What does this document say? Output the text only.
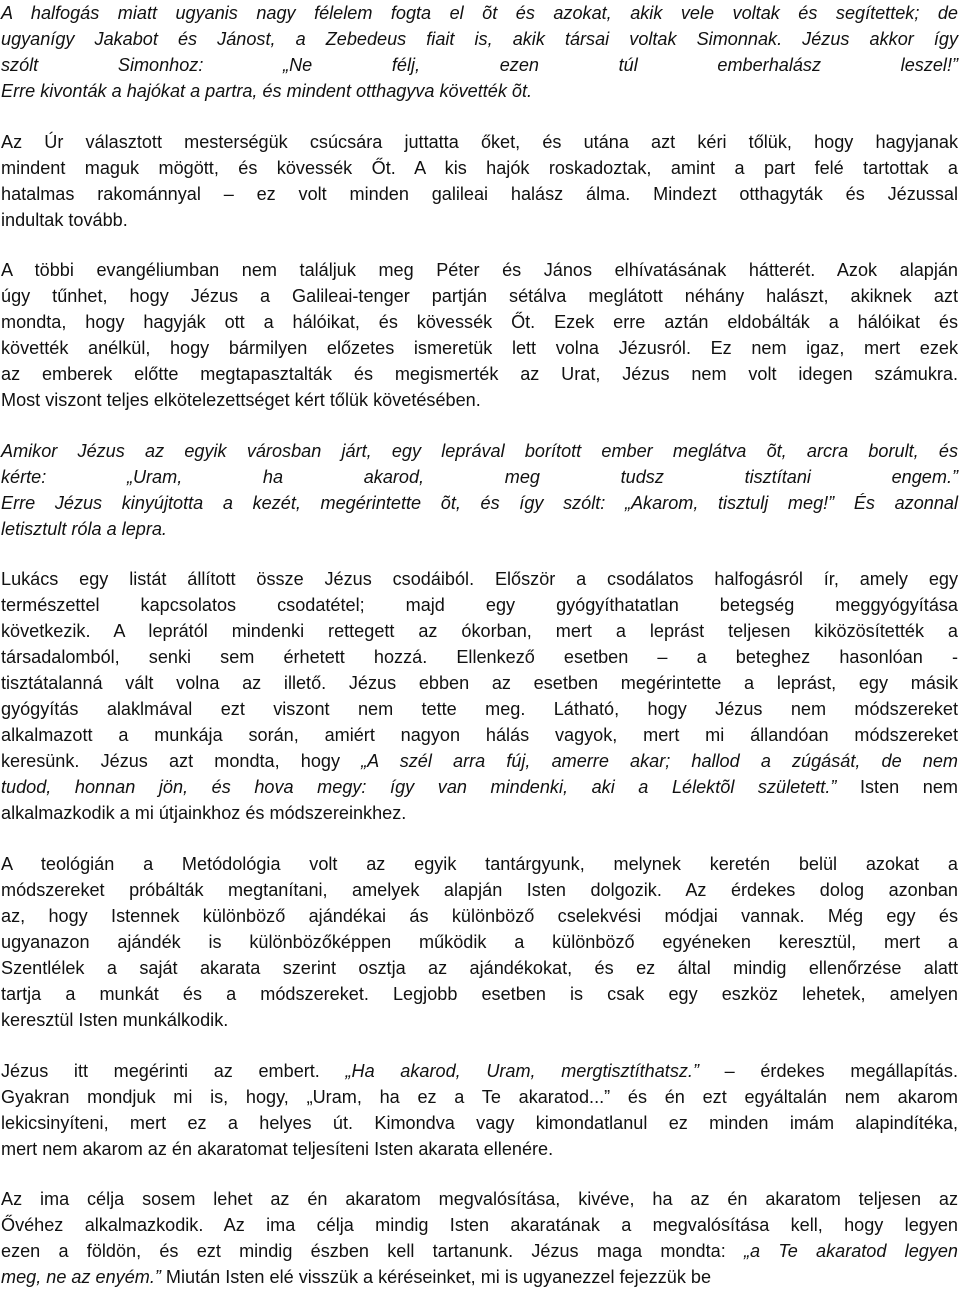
A halfogás miatt ugyanis nagy félelem fogta el õt és azokat, akik vele voltak és segítettek; de
ugyanígy Jakabot és Jánost, a Zebedeus fiait is, akik társai voltak Simonnak. Jézus akkor így
szólt Simonhoz: „Ne félj, ezen túl emberhalász leszel!”
Erre kivonták a hajókat a partra, és mindent otthagyva követték õt.
Az Úr választott mesterségük csúcsára juttatta őket, és utána azt kéri tőlük, hogy hagyjanak
mindent maguk mögött, és kövessék Őt. A kis hajók roskadoztak, amint a part felé tartottak a
hatalmas rakománnyal – ez volt minden galileai halász álma. Mindezt otthagyták és Jézussal
indultak tovább.
A többi evangéliumban nem találjuk meg Péter és János elhívatásának hátterét. Azok alapján
úgy tűnhet, hogy Jézus a Galileai-tenger partján sétálva meglátott néhány halászt, akiknek azt
mondta, hogy hagyják ott a hálóikat, és kövessék Őt. Ezek erre aztán eldobálták a hálóikat és
követték anélkül, hogy bármilyen előzetes ismeretük lett volna Jézusról. Ez nem igaz, mert ezek
az emberek előtte megtapasztalták és megismerték az Urat, Jézus nem volt idegen számukra.
Most viszont teljes elkötelezettséget kért tőlük követésében.
Amikor Jézus az egyik városban járt, egy leprával borított ember meglátva õt, arcra borult, és
kérte: „Uram, ha akarod, meg tudsz tisztítani engem.”
Erre Jézus kinyújtotta a kezét, megérintette õt, és így szólt: „Akarom, tisztulj meg!” És azonnal
letisztult róla a lepra.
Lukács egy listát állított össze Jézus csodáiból. Először a csodálatos halfogásról ír, amely egy
természettel kapcsolatos csodatétel; majd egy gyógyíthatatlan betegség meggyógyítása
következik. A leprától mindenki rettegett az ókorban, mert a leprást teljesen kiközösítették a
társadalomból, senki sem érhetett hozzá. Ellenkező esetben – a beteghez hasonlóan -
tisztátalanná vált volna az illető. Jézus ebben az esetben megérintette a leprást, egy másik
gyógyítás alaklmával ezt viszont nem tette meg. Látható, hogy Jézus nem módszereket
alkalmazott a munkája során, amiért nagyon hálás vagyok, mert mi állandóan módszereket
keresünk. Jézus azt mondta, hogy „A szél arra fúj, amerre akar; hallod a zúgását, de nem
tudod, honnan jön, és hova megy: így van mindenki, aki a Lélektõl született.” Isten nem
alkalmazkodik a mi útjainkhoz és módszereinkhez.
A teológián a Metódológia volt az egyik tantárgyunk, melynek keretén belül azokat a
módszereket próbálták megtanítani, amelyek alapján Isten dolgozik. Az érdekes dolog azonban
az, hogy Istennek különböző ajándékai ás különböző cselekvési módjai vannak. Még egy és
ugyanazon ajándék is különbözőképpen működik a különböző egyéneken keresztül, mert a
Szentlélek a saját akarata szerint osztja az ajándékokat, és ez által mindig ellenőrzése alatt
tartja a munkát és a módszereket. Legjobb esetben is csak egy eszköz lehetek, amelyen
keresztül Isten munkálkodik.
Jézus itt megérinti az embert. „Ha akarod, Uram, mergtisztíthatsz.” – érdekes megállapítás.
Gyakran mondjuk mi is, hogy, „Uram, ha ez a Te akaratod...” és én ezt egyáltalán nem akarom
lekicsinyíteni, mert ez a helyes út. Kimondva vagy kimondatlanul ez minden imám alapindítéka,
mert nem akarom az én akaratomat teljesíteni Isten akarata ellenére.
Az ima célja sosem lehet az én akaratom megvalósítása, kivéve, ha az én akaratom teljesen az
Ővéhez alkalmazkodik. Az ima célja mindig Isten akaratának a megvalósítása kell, hogy legyen
ezen a földön, és ezt mindig észben kell tartanunk. Jézus maga mondta: „a Te akaratod legyen
meg, ne az enyém.” Miután Isten elé visszük a kéréseinket, mi is ugyanezzel fejezzük be
